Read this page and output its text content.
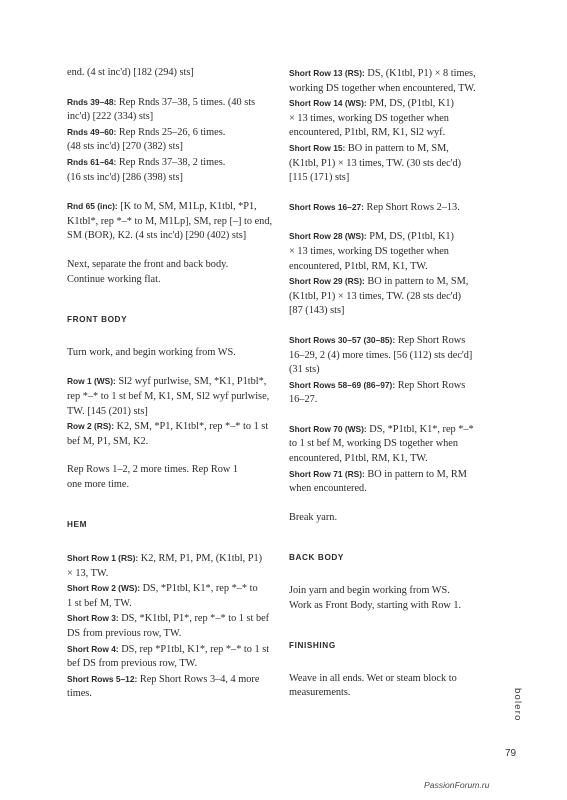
end. (4 st inc'd) [182 (294) sts]
Rnds 39–48: Rep Rnds 37–38, 5 times. (40 sts
inc'd) [222 (334) sts]
Rnds 49–60: Rep Rnds 25–26, 6 times.
(48 sts inc'd) [270 (382) sts]
Rnds 61–64: Rep Rnds 37–38, 2 times.
(16 sts inc'd) [286 (398) sts]
Rnd 65 (inc): [K to M, SM, M1Lp, K1tbl, *P1,
K1tbl*, rep *–* to M, M1Lp], SM, rep [–] to end,
SM (BOR), K2. (4 sts inc'd) [290 (402) sts]
Next, separate the front and back body.
Continue working flat.
FRONT BODY
Turn work, and begin working from WS.
Row 1 (WS): Sl2 wyf purlwise, SM, *K1, P1tbl*,
rep *–* to 1 st bef M, K1, SM, Sl2 wyf purlwise,
TW. [145 (201) sts]
Row 2 (RS): K2, SM, *P1, K1tbl*, rep *–* to 1 st
bef M, P1, SM, K2.
Rep Rows 1–2, 2 more times. Rep Row 1
one more time.
HEM
Short Row 1 (RS): K2, RM, P1, PM, (K1tbl, P1)
× 13, TW.
Short Row 2 (WS): DS, *P1tbl, K1*, rep *–* to
1 st bef M, TW.
Short Row 3: DS, *K1tbl, P1*, rep *–* to 1 st bef
DS from previous row, TW.
Short Row 4: DS, rep *P1tbl, K1*, rep *–* to 1 st
bef DS from previous row, TW.
Short Rows 5–12: Rep Short Rows 3–4, 4 more
times.
Short Row 13 (RS): DS, (K1tbl, P1) × 8 times,
working DS together when encountered, TW.
Short Row 14 (WS): PM, DS, (P1tbl, K1)
× 13 times, working DS together when
encountered, P1tbl, RM, K1, Sl2 wyf.
Short Row 15: BO in pattern to M, SM,
(K1tbl, P1) × 13 times, TW. (30 sts dec'd)
[115 (171) sts]
Short Rows 16–27: Rep Short Rows 2–13.
Short Row 28 (WS): PM, DS, (P1tbl, K1)
× 13 times, working DS together when
encountered, P1tbl, RM, K1, TW.
Short Row 29 (RS): BO in pattern to M, SM,
(K1tbl, P1) × 13 times, TW. (28 sts dec'd)
[87 (143) sts]
Short Rows 30–57 (30–85): Rep Short Rows
16–29, 2 (4) more times. [56 (112) sts dec'd]
(31 sts)
Short Rows 58–69 (86–97): Rep Short Rows
16–27.
Short Row 70 (WS): DS, *P1tbl, K1*, rep *–*
to 1 st bef M, working DS together when
encountered, P1tbl, RM, K1, TW.
Short Row 71 (RS): BO in pattern to M, RM
when encountered.
Break yarn.
BACK BODY
Join yarn and begin working from WS.
Work as Front Body, starting with Row 1.
FINISHING
Weave in all ends. Wet or steam block to
measurements.	bolero
79
PassionForum.ru
